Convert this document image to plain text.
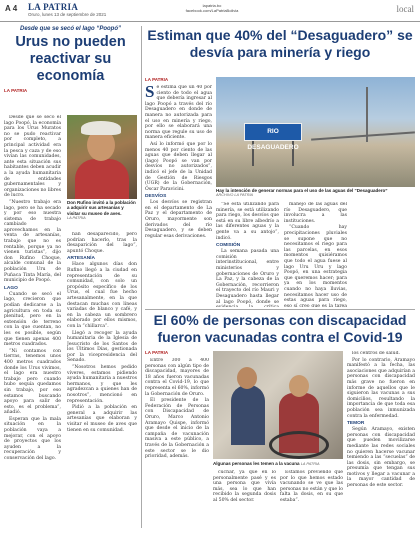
A 4 LA PATRIA
Oruro, lunes 13 de septiembre de 2021
lapatria.bo
facebook.com/LaPatriaBolivia	local
Desde que se secó el lago “Poopó”
Urus no pueden reactivar su economía
LA PATRIA

Desde que se secó el lago Poopó, la economía para los Urus Muratos no se pudo reactivar por completo, a principal actividad era la pesca y caza y de eso vivían las comunidades, ante esta situación sus habitantes deben acudir a la ayuda humanitaria de entidades gubernamentales y organizaciones no libres de lucro.

“Nuestro trabajo era lago, pero se ha secado y por eso nuestra sistema de trabajo cambiado aprovechamos en la venta de artesanías, trabajo que no es rentable, porque ya no vienen turistas”, dijo don Rufino Choque, alcalde comunal de la población Uru de Puñaca Tinta María, del municipio de Poopó.

LAGO

Cuando se secó el lago, crecieron que podían dedicarse a la agricultura en toda su plenitud, pero en la extensión de terreno con la que cuentan, no les es posible, según que tienen apenas 400 metros cuadrados.

“Ni contamos con tierras, tenemos unos 400 metros cuadrados donde los Urus vivimos, el lago era nuestro trabajo pero cuando hubo sequía quedamos sin trabajo, por eso estamos buscando apoyo para salir de esto, es el problema”, añadió.

Esperan que la mala situación en la población vaya a mejorar, con el apoyo de proyectos que los ayuden a la recuperación y conservación del lago.

Don Rufino invitó a la población a adquirir sus artesanías y visitar su museo de aves.
LA PATRIA

han desaparecido, pero podrían hacerlo, tras la desaparición del lago”, apuntó Choque.

ARTESANÍA

Hace algunos días don Rufino llegó a la ciudad en representación de su comunidad, con solo un propósito específico de los Urus, el cual fue hecho artesanalmente, en la que destacan muchas con líneas variadas de blanco y café, y en la cabeza un sombrero elaborado por ellos mismos, con la “chillarca”.

Llegó a recoger la ayuda humanitaria de la Iglesia de Jesucristo de los Santos de los Últimos Días, gestionada por la vicepresidencia del Senado.

“Nosotros hemos pedido víveres, estamos pidiendo ayuda humanitaria a nuestros hermanos, y que les agradezcan a quienes han de nosotros”, mencionó en representación.

Pidió a la población en general a adquirir las artesanías que elaboran y visitar el museo de aves que tienen en su comunidad.

Estiman que 40% del “Desaguadero” se desvía para minería y riego
LA PATRIA

Se estima que un 40 por ciento de todo el agua que debería ingresar al lago Poopó a través del río Desaguadero en donde de manera no autorizada para el uso en minería y riego, por ello se elaborará una norma que regule su uso de manera eficiente.

Así lo informó que por lo menos 40 por ciento de las aguas que deben llegar al (lago) Poopó se van por desvíos no autorizados”, indicó el jefe de la Unidad de Gestión de Riesgos (UGR) de la Gobernación, Óscar Paravicini.

DESVÍOS

Los desvíos se registran en el departamento de La Paz y el departamento de Oruro, mayormente son derivados del río Desaguadero, y se deben regular esas derivaciones.

RIO DESAGUADERO
Hay la intención de generar normas para el uso de las aguas del “Desaguadero”
ARCHIVO LA PATRIA

“Se está utilizando para minería, se está utilizando para riego, los desvíos que está en su libre albedrío a las diferentes aguas y la gente va a su antojo”, indicó.

COMISIÓN

La semana pasada una comisión interinstitucional, entre ministerios y gobernaciones de Oruro y La Paz, y la cabeza de la Gobernación, recorrieron el trayecto del río Mauri y Desaguadero hasta llegar al lago Poopó, donde se

manejo de las aguas del río Desaguadero, que involucra a las instituciones.

“Cuando hay precipitaciones pluviales se supone que no necesitamos el riego para las parcelas, en esos momentos quisiéramos que todo el agua fuese al lago Uru Uru y lago Poopó, en una estrategia que queremos hacer; para ya en los momentos cuando no haya lluvias, necesitamos hacer uso de estas aguas para riego, eso sí creo que es la tarea

El 60% de personas con discapacidad fueron vacunadas contra el Covid-19
LA PATRIA

Entre 300 a 400 personas con algún tipo de discapacidad, mayores de 18 años fueron vacunadas contra el Covid-19, lo que representa el 60%, informó la Gobernación de Oruro.

El presidente de la Federación de Personas con Discapacidad de Oruro, Marco Antonio Aramayo Quispe, informó que desde el inicio de la campaña de vacunación masiva a este público, a través de la Gobernación a este sector se le dio prioridad, además.

Algunas personas les temen a la vacuna LA PATRIA

cuchar, ya que en lo personalmente pasé y es una persona que vivía más, sea lo que han recibido la segunda dosis al 50% del sector.

Estamos previendo que por lo que hemos estado vacunando se ve que las personas no están y que lo falta la dosis, en su que estaba”.

los centros de salud.

Por lo contrario, Aramayo manifestó a la fecha, las asociaciones que adquirían a personas con discapacidad más grave no fueron en informe de aquellos que le siguieron las vacunas a sus domicilios, resultando la importancia de que toda esa población sea inmunizada contra la enfermedad.

TEMOR

Según Aramayo, existen personas con discapacidad que pueden movilizarse mediante las redes sociales no quieren hacerse vacunar temiendo a las “secuelas” de las dosis, sin embargo, se presumía que tengan sus motivos y llegar a vacunar a la mayor cantidad de personas de este sector.
